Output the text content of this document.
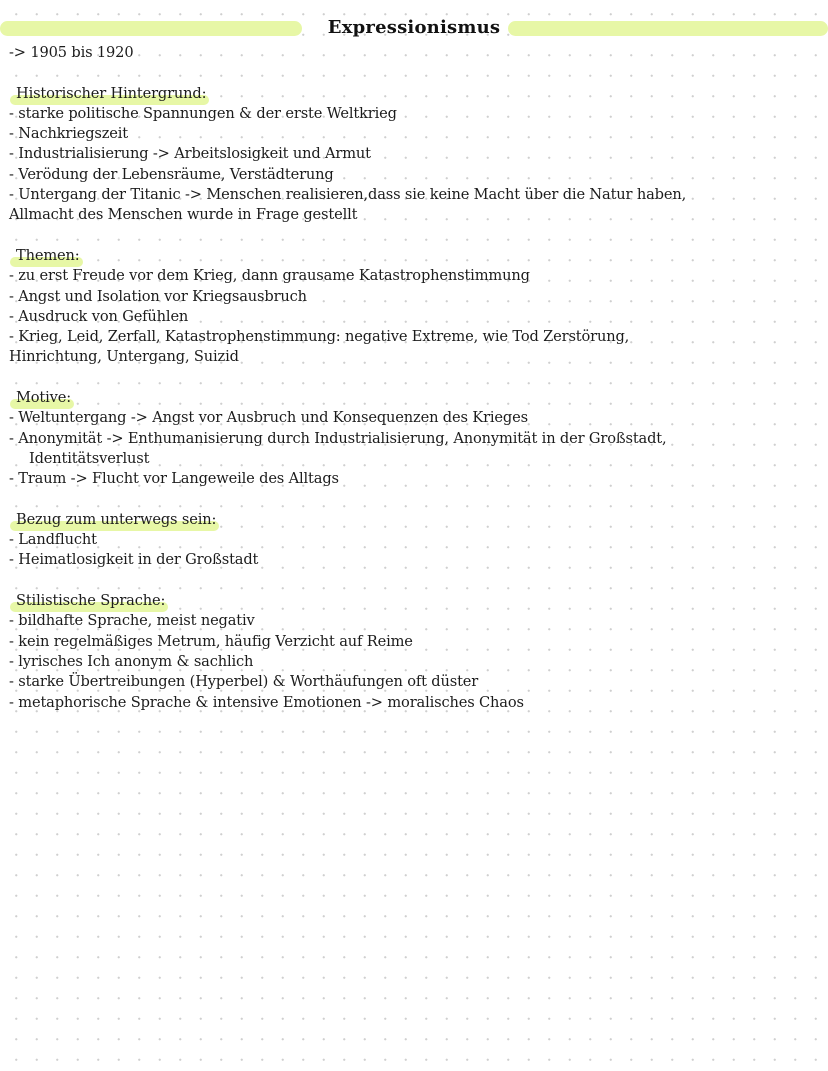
Expressionismus
-> 1905 bis 1920
Historischer Hintergrund:
- starke politische Spannungen & der erste Weltkrieg
- Nachkriegszeit
- Industrialisierung -> Arbeitslosigkeit und Armut
- Verödung der Lebensräume, Verstädterung
- Untergang der Titanic -> Menschen realisieren,dass sie keine Macht über die Natur haben,
Allmacht des Menschen wurde in Frage gestellt
Themen:
- zu erst Freude vor dem Krieg, dann grausame Katastrophenstimmung
- Angst und Isolation vor Kriegsausbruch
- Ausdruck von Gefühlen
- Krieg, Leid, Zerfall, Katastrophenstimmung: negative Extreme, wie Tod Zerstörung,
Hinrichtung, Untergang, Suizid
Motive:
- Weltuntergang -> Angst vor Ausbruch und Konsequenzen des Krieges
- Anonymität -> Enthumanisierung durch Industrialisierung, Anonymität in der Großstadt,
Identitätsverlust
- Traum -> Flucht vor Langeweile des Alltags
Bezug zum unterwegs sein:
- Landflucht
- Heimatlosigkeit in der Großstadt
Stilistische Sprache:
- bildhafte Sprache, meist negativ
- kein regelmäßiges Metrum, häufig Verzicht auf Reime
- lyrisches Ich anonym & sachlich
- starke Übertreibungen (Hyperbel) & Worthäufungen oft düster
- metaphorische Sprache & intensive Emotionen -> moralisches Chaos
